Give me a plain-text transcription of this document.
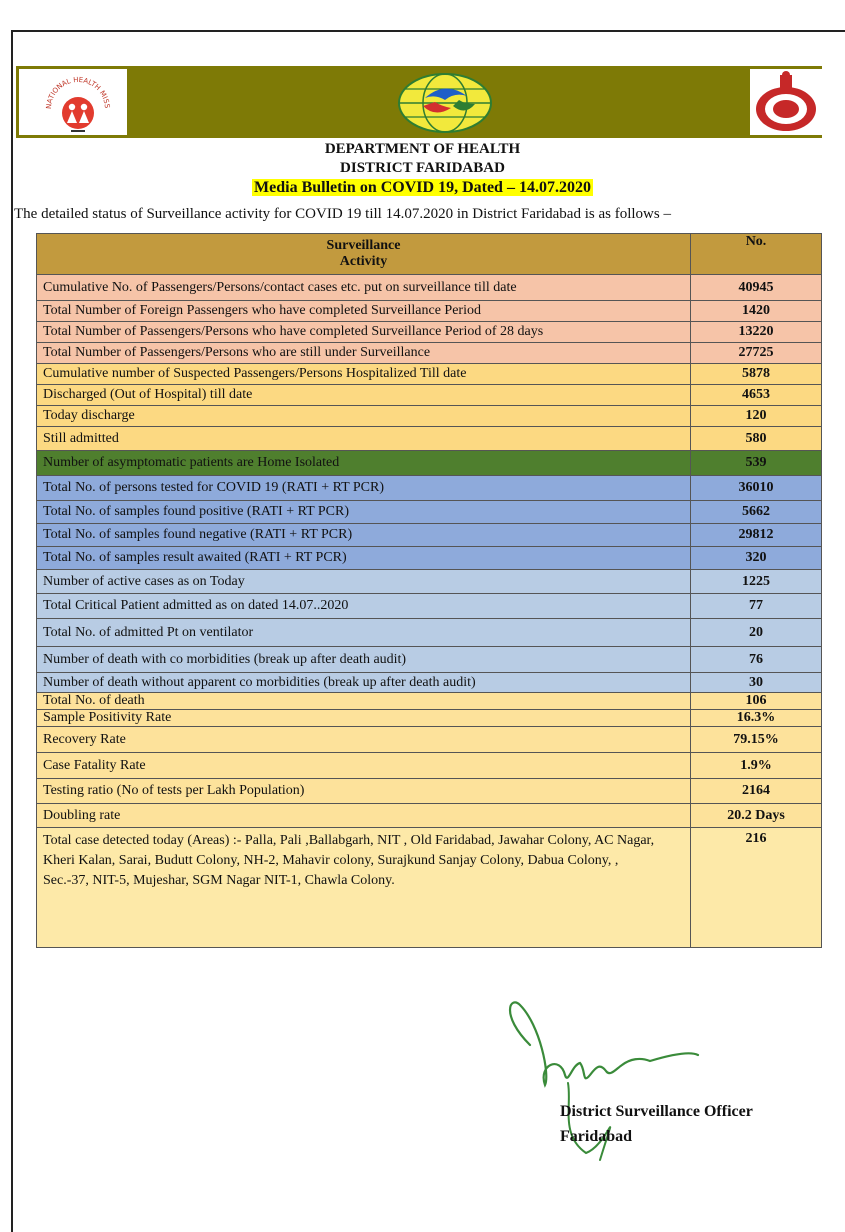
NATIONAL HEALTH MISS
DEPARTMENT OF HEALTH
DISTRICT FARIDABAD
Media Bulletin on COVID 19, Dated – 14.07.2020
The detailed status of Surveillance activity for COVID 19 till 14.07.2020 in District Faridabad is as follows –
Surveillance
Activity	No.
Cumulative No. of Passengers/Persons/contact cases etc. put on surveillance till date	40945
Total Number of Foreign Passengers who have completed Surveillance Period	1420
Total Number of Passengers/Persons who have completed Surveillance Period of 28 days	13220
Total Number of Passengers/Persons who are still under Surveillance	27725
Cumulative number of Suspected Passengers/Persons Hospitalized Till date	5878
Discharged (Out of Hospital) till date	4653
Today discharge	120
Still admitted	580
Number of asymptomatic patients are Home Isolated	539
Total No. of persons tested for COVID 19 (RATI + RT PCR)	36010
Total No. of samples found positive (RATI + RT PCR)	5662
Total No. of samples found negative (RATI + RT PCR)	29812
Total No. of samples result awaited (RATI + RT PCR)	320
Number of active cases as on Today	1225
Total Critical Patient admitted as on dated 14.07..2020	77
Total No. of admitted Pt on ventilator	20
Number of death with co morbidities (break up after death audit)	76
Number of death without apparent co morbidities (break up after death audit)	30
Total No. of death	106
Sample Positivity Rate	16.3%
Recovery Rate	79.15%
Case Fatality Rate	1.9%
Testing ratio (No of tests per Lakh Population)	2164
Doubling rate	20.2 Days

Total case detected today (Areas) :- Palla, Pali ,Ballabgarh, NIT , Old Faridabad, Jawahar Colony, AC Nagar, Kheri Kalan, Sarai, Budutt Colony, NH-2, Mahavir colony, Surajkund Sanjay Colony, Dabua Colony, , Sec.-37, NIT-5, Mujeshar, SGM Nagar NIT-1, Chawla Colony.	216
District Surveillance Officer
Faridabad
